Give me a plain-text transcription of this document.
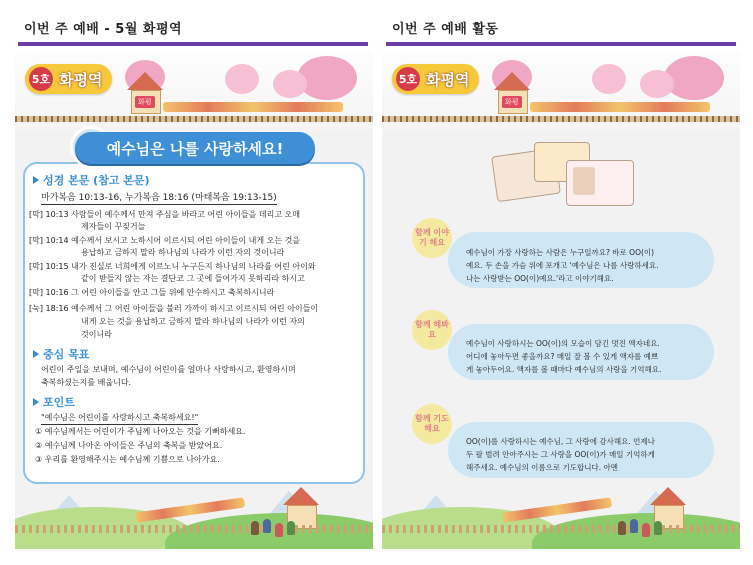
이번 주 예배 - 5월 화평역	이번 주 예배 활동
화평
5호 화평역
예수님은 나를 사랑하세요!
성경 본문 (참고 본문)
마가복음 10:13-16, 누가복음 18:16 (마태복음 19:13-15)
[막] 10:13 사람들이 예수께서 만져 주심을 바라고 어린 아이들을 데리고 오매
제자들이 꾸짖거늘
[막] 10:14 예수께서 보시고 노하시어 이르시되 어린 아이들이 내게 오는 것을
용납하고 금하지 말라 하나님의 나라가 이런 자의 것이니라
[막] 10:15 내가 진실로 너희에게 이르노니 누구든지 하나님의 나라를 어린 아이와
같이 받들지 않는 자는 결단코 그 곳에 들어가지 못하리라 하시고
[막] 10:16 그 어린 아이들을 안고 그들 위에 안수하시고 축복하시니라
[눅] 18:16 예수께서 그 어린 아이들을 불러 가까이 하시고 이르시되 어린 아이들이
내게 오는 것을 용납하고 금하지 말라 하나님의 나라가 이런 자의
것이니라
중심 목표
어린이 주일을 보내며, 예수님이 어린이를 얼마나 사랑하시고, 환영하시며
축복하셨는지를 배웁니다.
포인트
"예수님은 어린이를 사랑하시고 축복하세요!"
① 예수님께서는 어린이가 주님께 나아오는 것을 기뻐하세요.
② 예수님께 나아온 아이들은 주님의 축복을 받았어요.
③ 우리를 환영해주시는 예수님께 기쁨으로 나아가요.
화평
5호 화평역
함께 이야기 해요
예수님이 가장 사랑하는 사람은 누구일까요? 바로 OO(이)
예요. 두 손을 가슴 위에 포개고 '예수님은 나를 사랑하세요.
나는 사랑받는 OO(이)예요.'라고 이야기해요.
함께 해봐요
예수님이 사랑하시는 OO(이)의 모습이 담긴 멋진 액자네요.
어디에 놓아두면 좋을까요? 매일 잘 볼 수 있게 액자를 예쁘
게 놓아두어요. 액자를 볼 때마다 예수님의 사랑을 기억해요.
함께 기도해요
OO(이)를 사랑하시는 예수님, 그 사랑에 감사해요. 언제나
두 팔 벌려 안아주시는 그 사랑을 OO(이)가 매일 기억하게
해주세요. 예수님의 이름으로 기도합니다. 아멘
